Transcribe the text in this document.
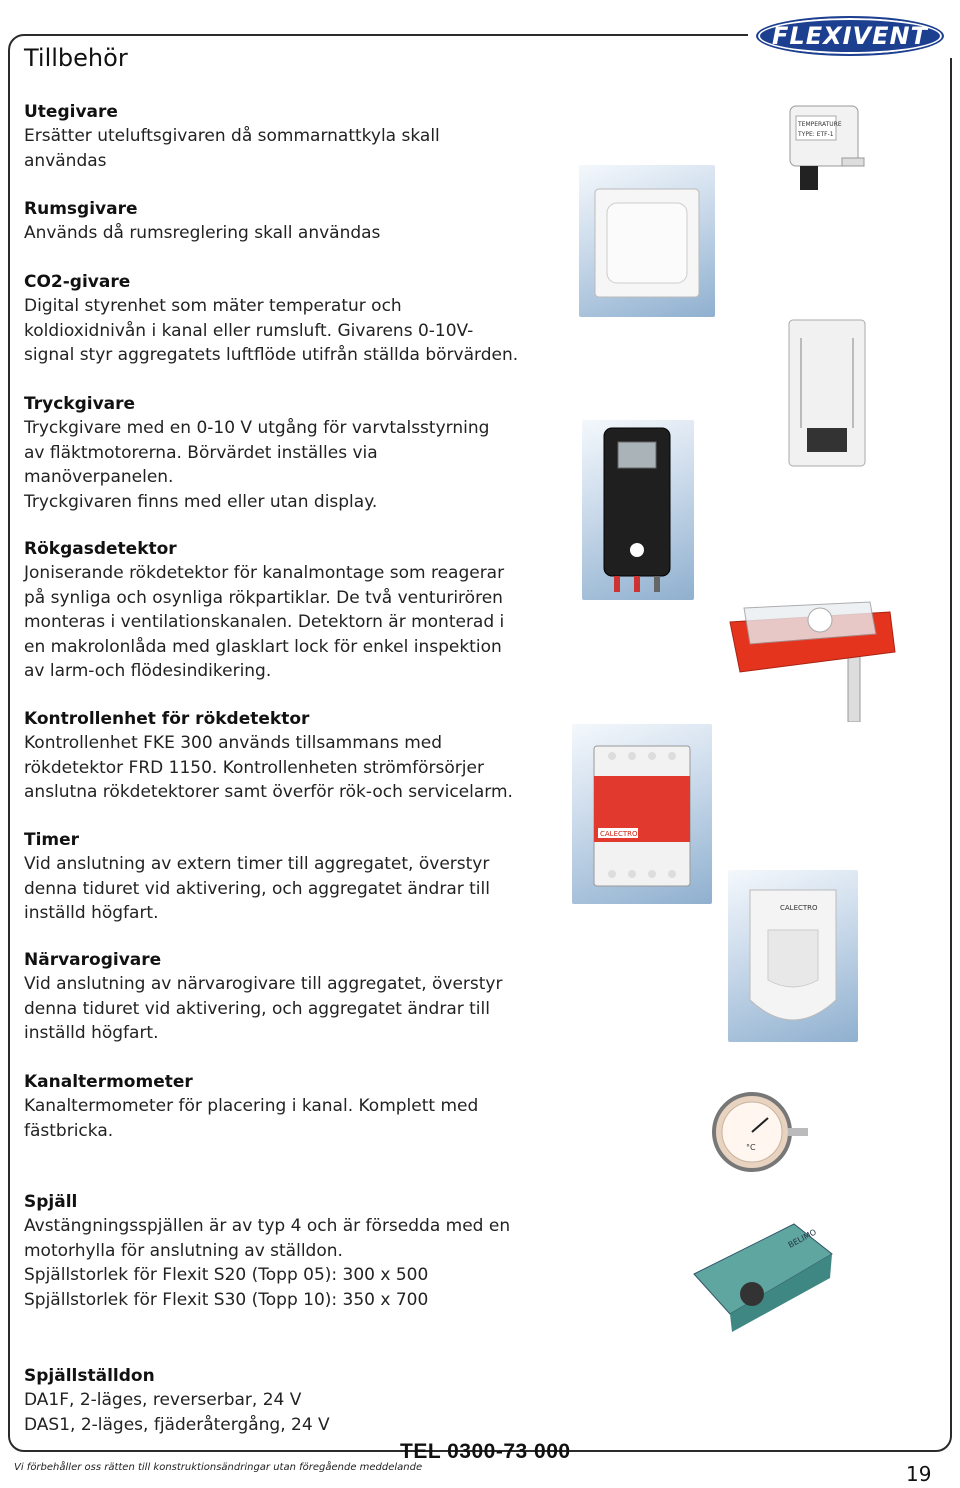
FLEXIVENT
Tillbehör
Utegivare

Ersätter uteluftsgivaren då sommarnattkyla skall
användas

Rumsgivare

Används då rumsreglering skall användas

CO2-givare

Digital styrenhet som mäter temperatur och
koldioxidnivån i kanal eller rumsluft. Givarens 0-10V-
signal styr aggregatets luftflöde utifrån ställda börvärden.

Tryckgivare

Tryckgivare med en 0-10 V utgång för varvtalsstyrning
av fläktmotorerna. Börvärdet inställes via
manöverpanelen.
Tryckgivaren finns med eller utan display.

Rökgasdetektor

Joniserande rökdetektor för kanalmontage som reagerar
på synliga och osynliga rökpartiklar. De två venturirören
monteras i ventilationskanalen. Detektorn är monterad i
en makrolonlåda med glasklart lock för enkel inspektion
av larm-och flödesindikering.

Kontrollenhet för rökdetektor

Kontrollenhet FKE 300 används tillsammans med
rökdetektor FRD 1150. Kontrollenheten strömförsörjer
anslutna rökdetektorer samt överför rök-och servicelarm.

Timer

Vid anslutning av extern timer till aggregatet, överstyr
denna tiduret vid aktivering, och aggregatet ändrar till
inställd högfart.

Närvarogivare

Vid anslutning av närvarogivare till aggregatet, överstyr
denna tiduret vid aktivering, och aggregatet ändrar till
inställd högfart.

Kanaltermometer

Kanaltermometer för placering i kanal. Komplett med
fästbricka.

Spjäll

Avstängningsspjällen är av typ 4 och är försedda med en
motorhylla för anslutning av ställdon.
Spjällstorlek för Flexit S20 (Topp 05): 300 x 500
Spjällstorlek för Flexit S30 (Topp 10): 350 x 700

Spjällställdon

DA1F, 2-läges, reverserbar, 24 V
DAS1, 2-läges, fjäderåtergång, 24 V

TEMPERATURE
TYPE: ETF-1
CALECTRO
CALECTRO
°C
BELIMO
Vi förbehåller oss rätten till konstruktionsändringar utan föregående meddelande
TEL 0300-73 000
19
